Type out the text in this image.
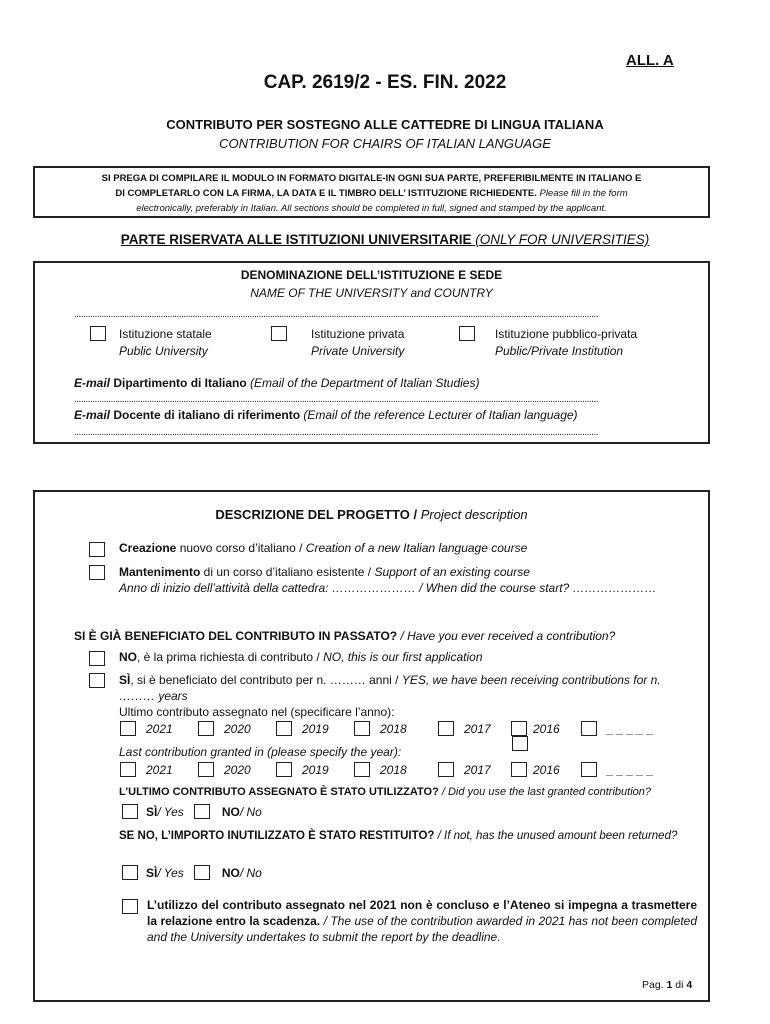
ALL. A
CAP. 2619/2 - ES. FIN. 2022
CONTRIBUTO PER SOSTEGNO ALLE CATTEDRE DI LINGUA ITALIANA
CONTRIBUTION FOR CHAIRS OF ITALIAN LANGUAGE
SI PREGA DI COMPILARE IL MODULO IN FORMATO DIGITALE-IN OGNI SUA PARTE, PREFERIBILMENTE IN ITALIANO E
DI COMPLETARLO CON LA FIRMA, LA DATA E IL TIMBRO DELL’ ISTITUZIONE RICHIEDENTE. Please fill in the form
electronically, preferably in Italian. All sections should be completed in full, signed and stamped by the applicant.
PARTE RISERVATA ALLE ISTITUZIONI UNIVERSITARIE (ONLY FOR UNIVERSITIES)
DENOMINAZIONE DELL’ISTITUZIONE E SEDE
NAME OF THE UNIVERSITY and COUNTRY
......................................................................................................................................................................................................................................
Istituzione statale
Public University
Istituzione privata
Private University
Istituzione pubblico-privata
Public/Private Institution
E-mail Dipartimento di Italiano (Email of the Department of Italian Studies)
......................................................................................................................................................................................................................................
E-mail Docente di italiano di riferimento (Email of the reference Lecturer of Italian language)
......................................................................................................................................................................................................................................
DESCRIZIONE DEL PROGETTO / Project description
Creazione nuovo corso d’italiano / Creation of a new Italian language course
Mantenimento di un corso d’italiano esistente / Support of an existing course
Anno di inizio dell’attività della cattedra: ………………… / When did the course start? …………………
SI È GIÀ BENEFICIATO DEL CONTRIBUTO IN PASSATO? / Have you ever received a contribution?
NO, è la prima richiesta di contributo / NO, this is our first application
SÌ, si è beneficiato del contributo per n. ……… anni / YES, we have been receiving contributions for n.
……… years
Ultimo contributo assegnato nel (specificare l’anno):
2021	2020	2019	2018	2017	2016	_ _ _ _ _
Last contribution granted in (please specify the year):
2021	2020	2019	2018	2017	2016	_ _ _ _ _
L’ULTIMO CONTRIBUTO ASSEGNATO È STATO UTILIZZATO? / Did you use the last granted contribution?
SÌ / Yes	NO / No
SE NO, L’IMPORTO INUTILIZZATO È STATO RESTITUITO? / If not, has the unused amount been returned?
SÌ / Yes	NO / No
L’utilizzo del contributo assegnato nel 2021 non è concluso e l’Ateneo si impegna a trasmettere la relazione entro la scadenza. / The use of the contribution awarded in 2021 has not been completed and the University undertakes to submit the report by the deadline.
Pag. 1 di 4
